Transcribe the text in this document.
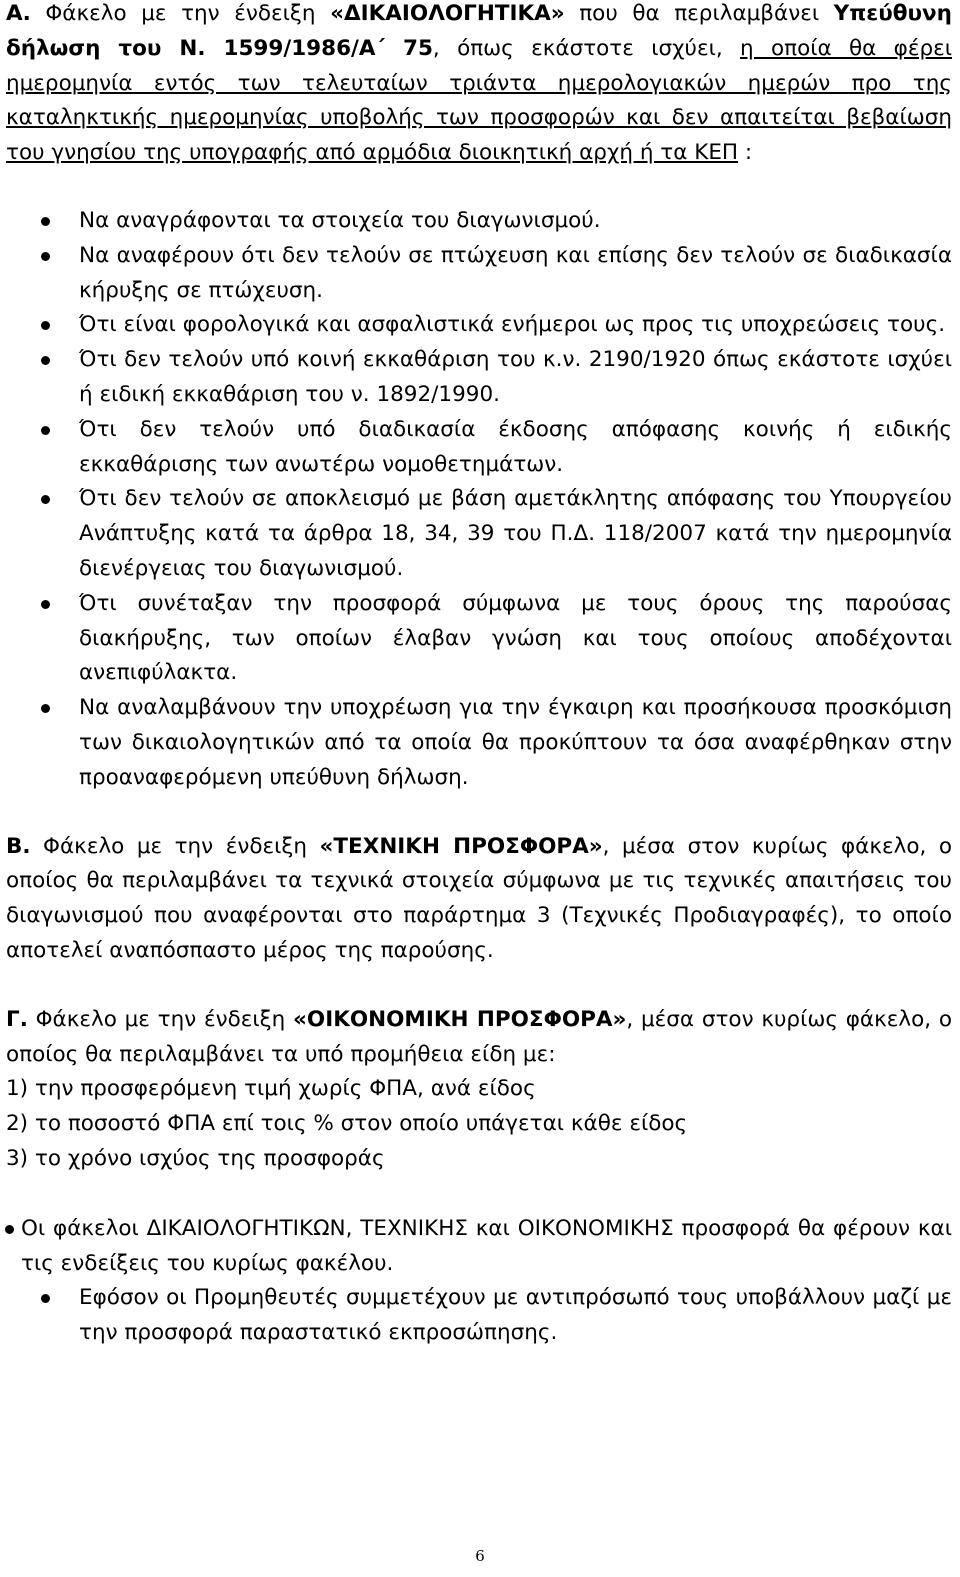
Α. Φάκελο με την ένδειξη «ΔΙΚΑΙΟΛΟΓΗΤΙΚΑ» που θα περιλαμβάνει Υπεύθυνη δήλωση του Ν. 1599/1986/Α΄ 75, όπως εκάστοτε ισχύει, η οποία θα φέρει ημερομηνία εντός των τελευταίων τριάντα ημερολογιακών ημερών προ της καταληκτικής ημερομηνίας υποβολής των προσφορών και δεν απαιτείται βεβαίωση του γνησίου της υπογραφής από αρμόδια διοικητική αρχή ή τα ΚΕΠ :

Να αναγράφονται τα στοιχεία του διαγωνισμού.
Να αναφέρουν ότι δεν τελούν σε πτώχευση και επίσης δεν τελούν σε διαδικασία κήρυξης σε πτώχευση.
Ότι είναι φορολογικά και ασφαλιστικά ενήμεροι ως προς τις υποχρεώσεις τους.
Ότι δεν τελούν υπό κοινή εκκαθάριση του κ.ν. 2190/1920 όπως εκάστοτε ισχύει ή ειδική εκκαθάριση του ν. 1892/1990.
Ότι δεν τελούν υπό διαδικασία έκδοσης απόφασης κοινής ή ειδικής εκκαθάρισης των ανωτέρω νομοθετημάτων.
Ότι δεν τελούν σε αποκλεισμό με βάση αμετάκλητης απόφασης του Υπουργείου Ανάπτυξης κατά τα άρθρα 18, 34, 39 του Π.Δ. 118/2007 κατά την ημερομηνία διενέργειας του διαγωνισμού.
Ότι συνέταξαν την προσφορά σύμφωνα με τους όρους της παρούσας διακήρυξης, των οποίων έλαβαν γνώση και τους οποίους αποδέχονται ανεπιφύλακτα.
Να αναλαμβάνουν την υποχρέωση για την έγκαιρη και προσήκουσα προσκόμιση των δικαιολογητικών από τα οποία θα προκύπτουν τα όσα αναφέρθηκαν στην προαναφερόμενη υπεύθυνη δήλωση.

Β. Φάκελο με την ένδειξη «ΤΕΧΝΙΚΗ ΠΡΟΣΦΟΡΑ», μέσα στον κυρίως φάκελο, ο οποίος θα περιλαμβάνει τα τεχνικά στοιχεία σύμφωνα με τις τεχνικές απαιτήσεις του διαγωνισμού που αναφέρονται στο παράρτημα 3 (Τεχνικές Προδιαγραφές), το οποίο αποτελεί αναπόσπαστο μέρος της παρούσης.

Γ. Φάκελο με την ένδειξη «ΟΙΚΟΝΟΜΙΚΗ ΠΡΟΣΦΟΡΑ», μέσα στον κυρίως φάκελο, ο οποίος θα περιλαμβάνει τα υπό προμήθεια είδη με:

1) την προσφερόμενη τιμή χωρίς ΦΠΑ, ανά είδος

2) το ποσοστό ΦΠΑ επί τοις % στον οποίο υπάγεται κάθε είδος

3) το χρόνο ισχύος της προσφοράς

Οι φάκελοι ΔΙΚΑΙΟΛΟΓΗΤΙΚΩΝ, ΤΕΧΝΙΚΗΣ και ΟΙΚΟΝΟΜΙΚΗΣ προσφορά θα φέρουν και τις ενδείξεις του κυρίως φακέλου.
Εφόσον οι Προμηθευτές συμμετέχουν με αντιπρόσωπό τους υποβάλλουν μαζί με την προσφορά παραστατικό εκπροσώπησης.
6
